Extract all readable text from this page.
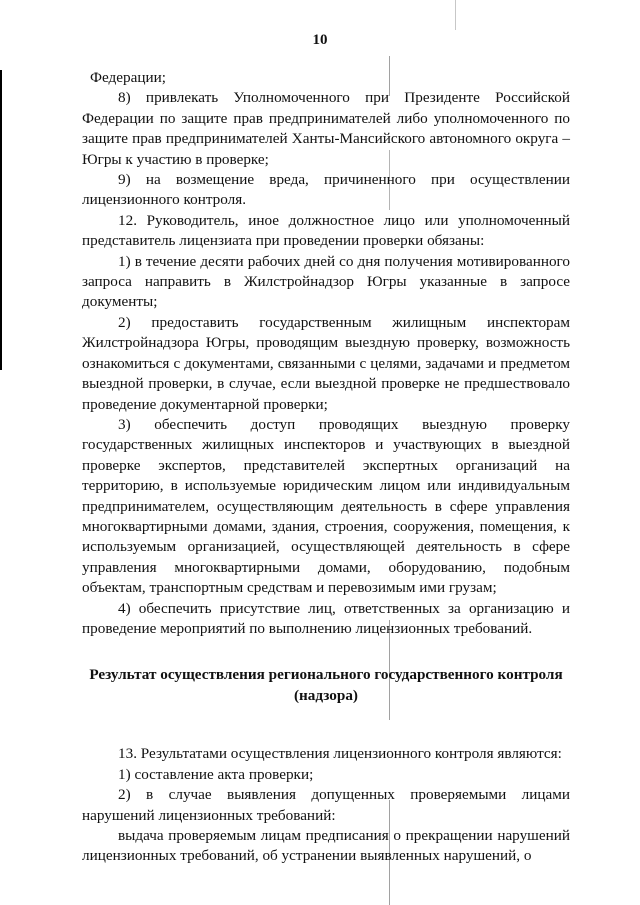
10

Федерации;

8) привлекать Уполномоченного при Президенте Российской Федерации по защите прав предпринимателей либо уполномоченного по защите прав предпринимателей Ханты-Мансийского автономного округа – Югры к участию в проверке;

9) на возмещение вреда, причиненного при осуществлении лицензионного контроля.

12. Руководитель, иное должностное лицо или уполномоченный представитель лицензиата при проведении проверки обязаны:

1) в течение десяти рабочих дней со дня получения мотивированного запроса направить в Жилстройнадзор Югры указанные в запросе документы;

2) предоставить государственным жилищным инспекторам Жилстройнадзора Югры, проводящим выездную проверку, возможность ознакомиться с документами, связанными с целями, задачами и предметом выездной проверки, в случае, если выездной проверке не предшествовало проведение документарной проверки;

3) обеспечить доступ проводящих выездную проверку государственных жилищных инспекторов и участвующих в выездной проверке экспертов, представителей экспертных организаций на территорию, в используемые юридическим лицом или индивидуальным предпринимателем, осуществляющим деятельность в сфере управления многоквартирными домами, здания, строения, сооружения, помещения, к используемым организацией, осуществляющей деятельность в сфере управления многоквартирными домами, оборудованию, подобным объектам, транспортным средствам и перевозимым ими грузам;

4) обеспечить присутствие лиц, ответственных за организацию и проведение мероприятий по выполнению лицензионных требований.

Результат осуществления регионального государственного контроля
(надзора)

13. Результатами осуществления лицензионного контроля являются:

1) составление акта проверки;

2) в случае выявления допущенных проверяемыми лицами нарушений лицензионных требований:

выдача проверяемым лицам предписания о прекращении нарушений лицензионных требований, об устранении выявленных нарушений, о
